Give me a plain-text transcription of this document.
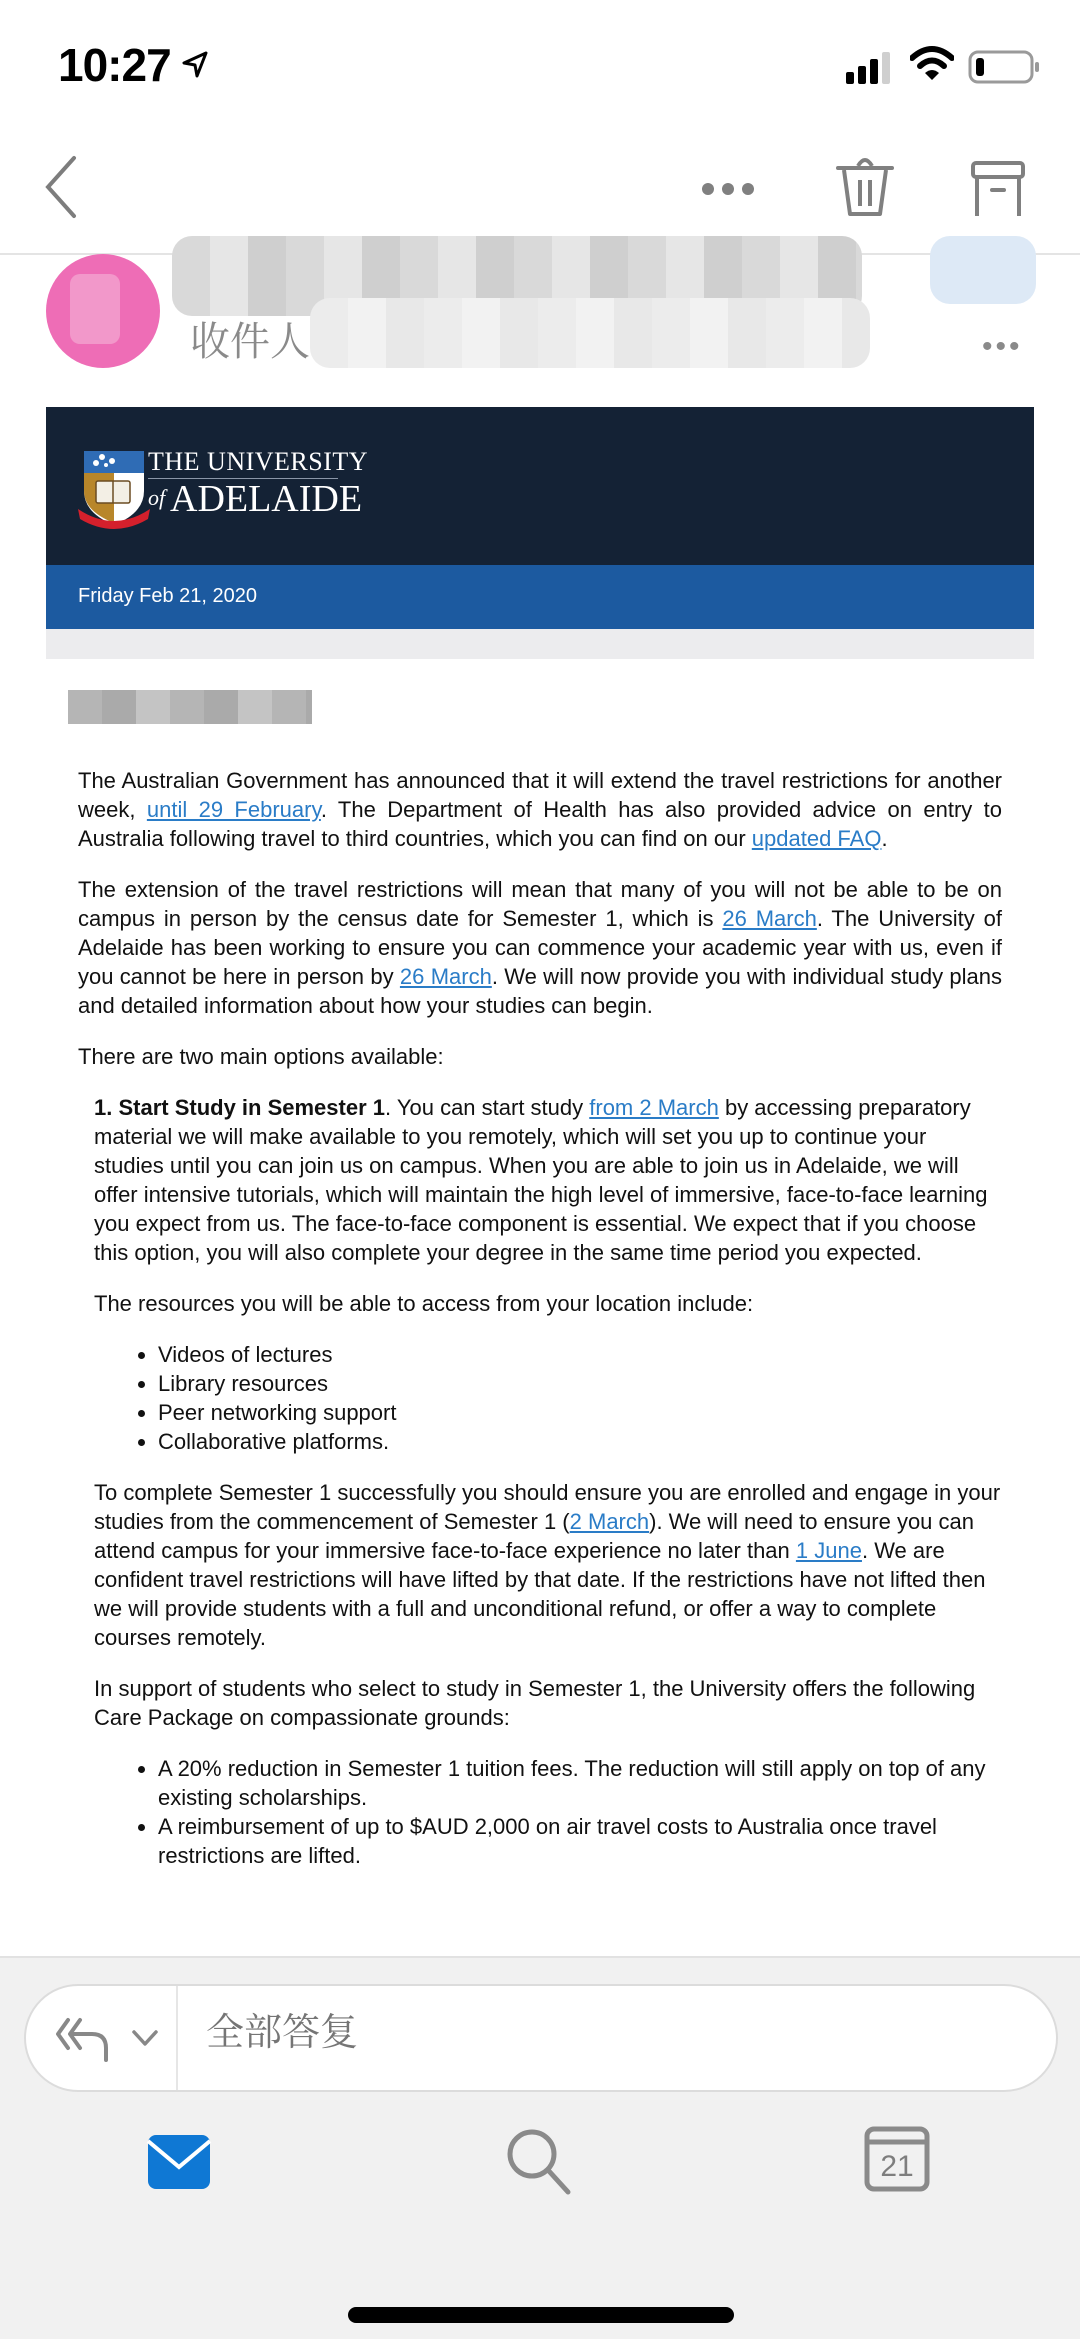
10:27
收件人	•••
THE UNIVERSITY
of ADELAIDE
Friday Feb 21, 2020

The Australian Government has announced that it will extend the travel restrictions for another week, until 29 February. The Department of Health has also provided advice on entry to Australia following travel to third countries, which you can find on our updated FAQ.

The extension of the travel restrictions will mean that many of you will not be able to be on campus in person by the census date for Semester 1, which is 26 March. The University of Adelaide has been working to ensure you can commence your academic year with us, even if you cannot be here in person by 26 March. We will now provide you with individual study plans and detailed information about how your studies can begin.

There are two main options available:

1. Start Study in Semester 1. You can start study from 2 March by accessing preparatory material we will make available to you remotely, which will set you up to continue your studies until you can join us on campus. When you are able to join us in Adelaide, we will offer intensive tutorials, which will maintain the high level of immersive, face-to-face learning you expect from us. The face-to-face component is essential. We expect that if you choose this option, you will also complete your degree in the same time period you expected.

The resources you will be able to access from your location include:

• Videos of lectures
• Library resources
• Peer networking support
• Collaborative platforms.

To complete Semester 1 successfully you should ensure you are enrolled and engage in your studies from the commencement of Semester 1 (2 March). We will need to ensure you can attend campus for your immersive face-to-face experience no later than 1 June. We are confident travel restrictions will have lifted by that date. If the restrictions have not lifted then we will provide students with a full and unconditional refund, or offer a way to complete courses remotely.

In support of students who select to study in Semester 1, the University offers the following Care Package on compassionate grounds:

• A 20% reduction in Semester 1 tuition fees. The reduction will still apply on top of any existing scholarships.
• A reimbursement of up to $AUD 2,000 on air travel costs to Australia once travel restrictions are lifted.
全部答复
21
